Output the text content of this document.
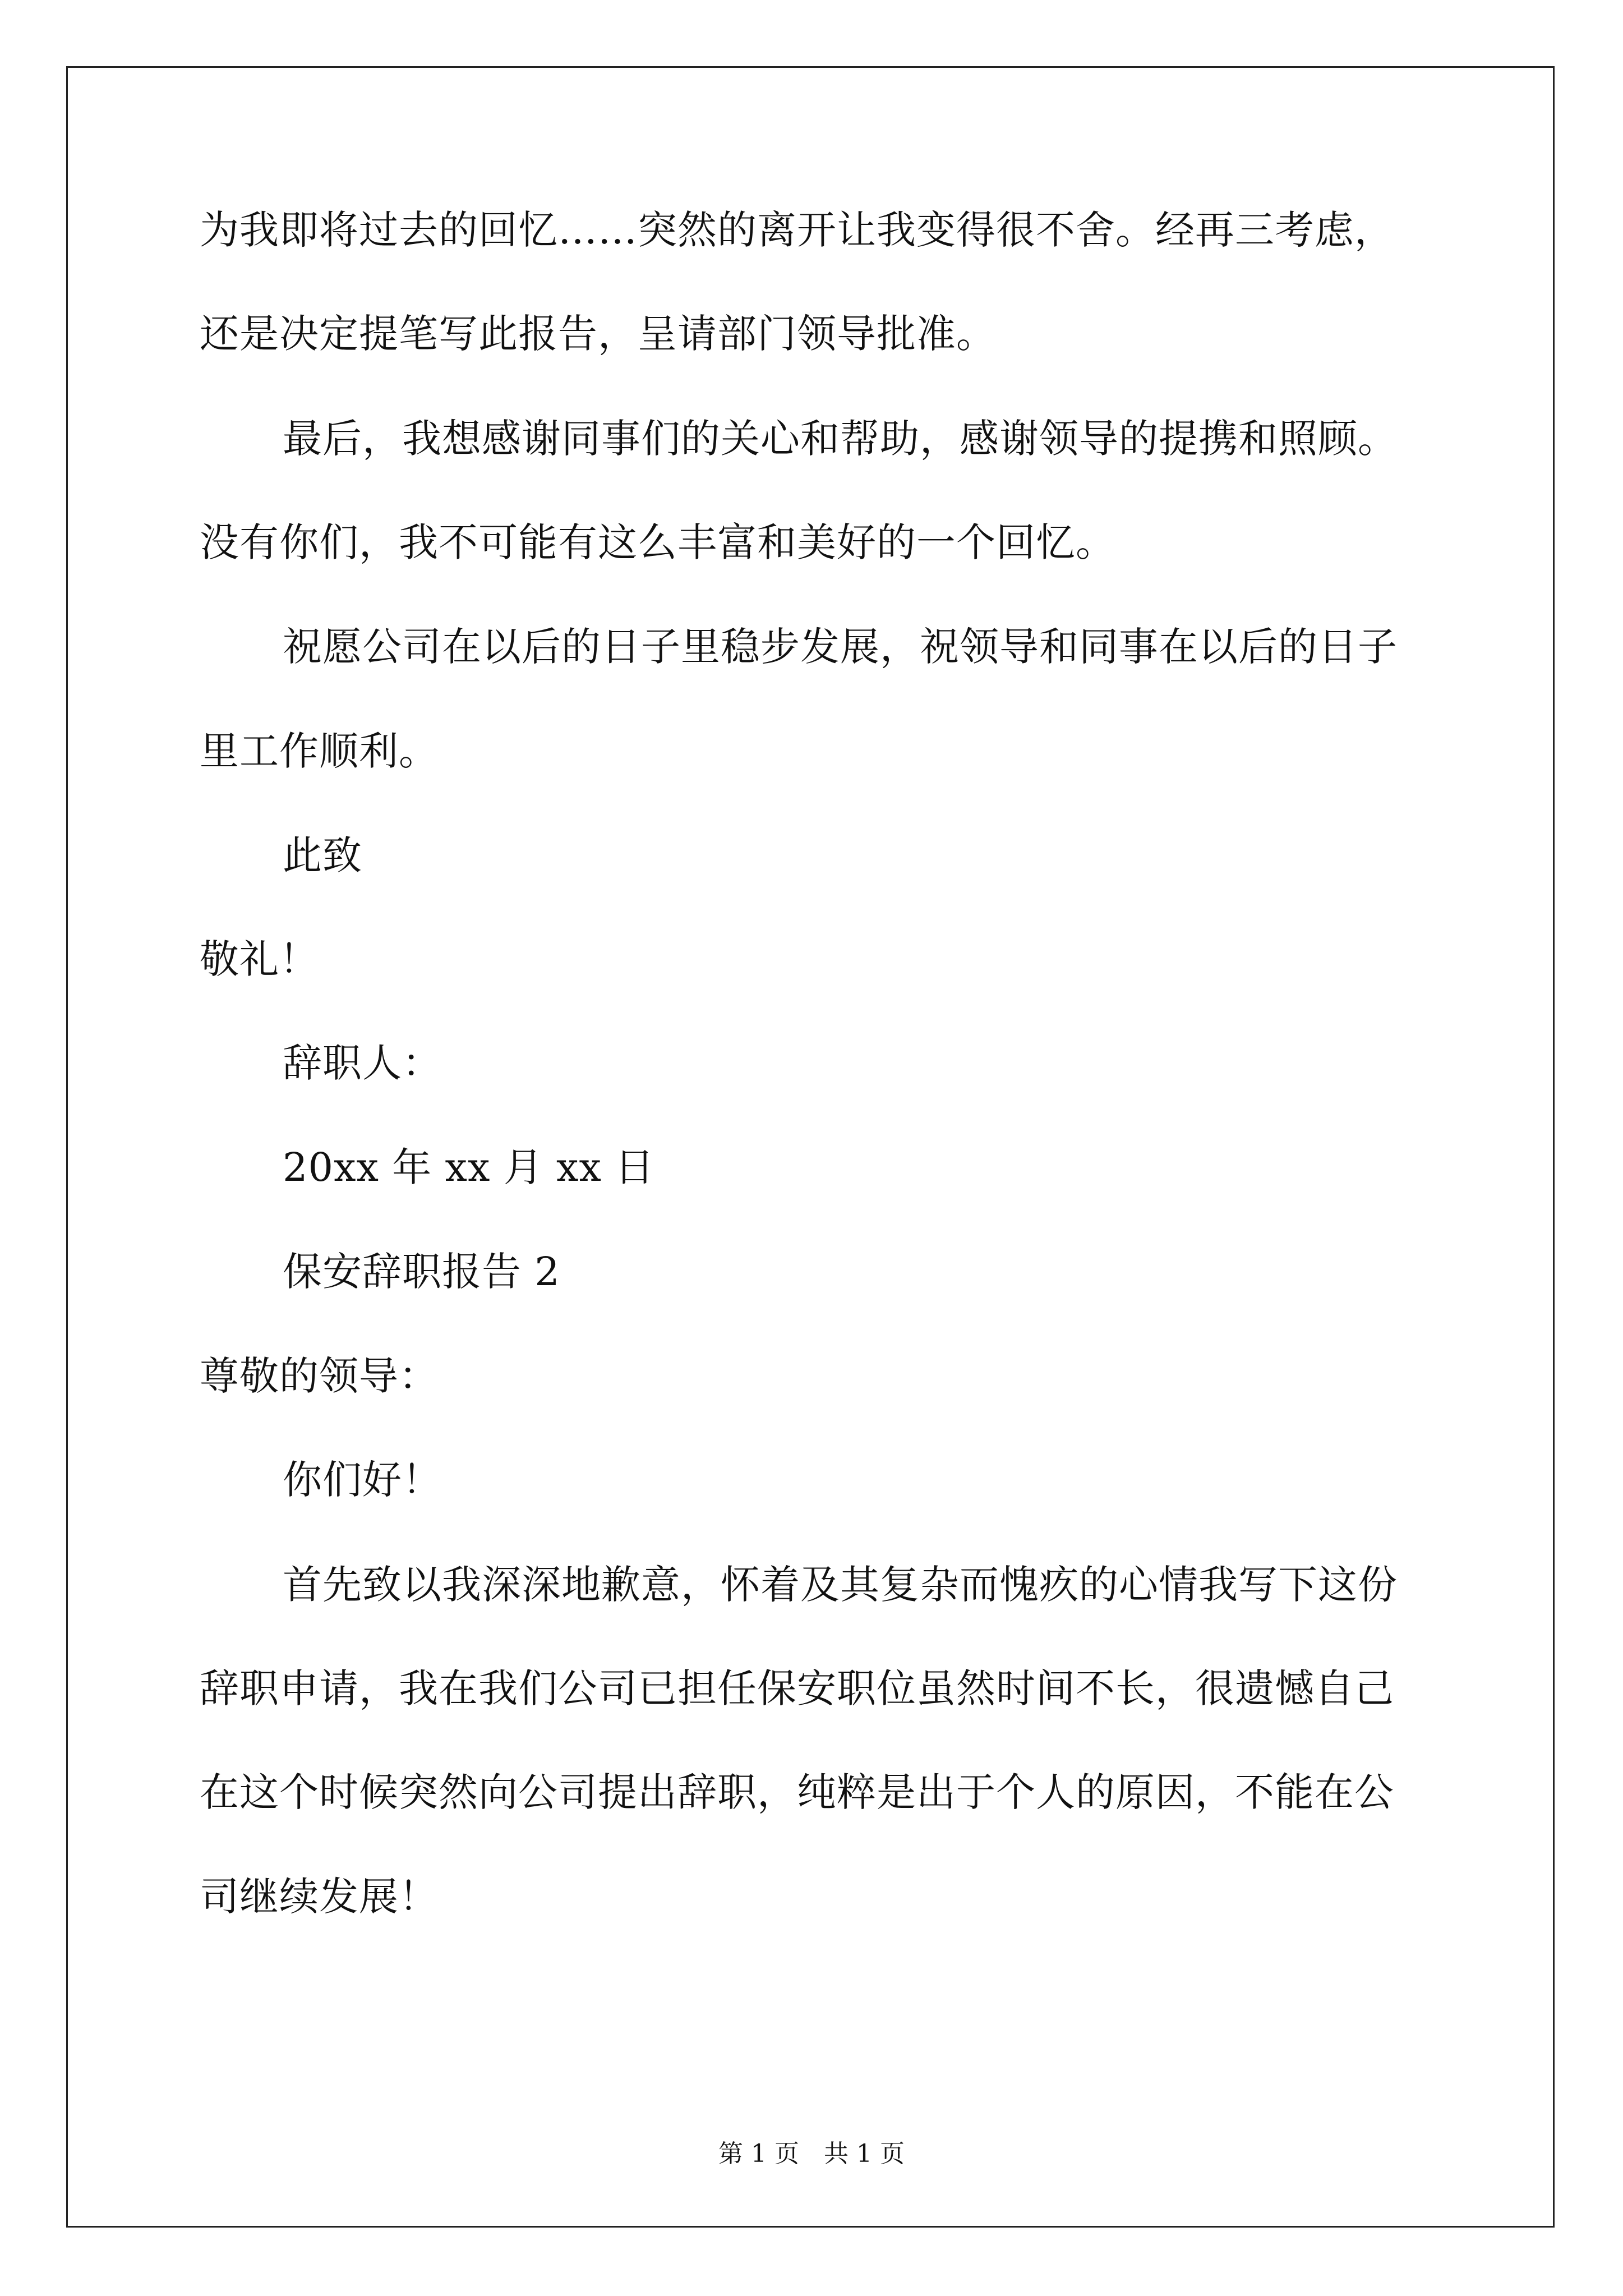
为我即将过去的回忆……突然的离开让我变得很不舍。经再三考虑，
还是决定提笔写此报告，呈请部门领导批准。
最后，我想感谢同事们的关心和帮助，感谢领导的提携和照顾。
没有你们，我不可能有这么丰富和美好的一个回忆。
祝愿公司在以后的日子里稳步发展，祝领导和同事在以后的日子
里工作顺利。
此致
敬礼！
辞职人：
20xx 年 xx 月 xx 日
保安辞职报告 2
尊敬的领导：
你们好！
首先致以我深深地歉意，怀着及其复杂而愧疚的心情我写下这份
辞职申请，我在我们公司已担任保安职位虽然时间不长，很遗憾自己
在这个时候突然向公司提出辞职，纯粹是出于个人的原因，不能在公
司继续发展！
第 1 页　共 1 页
